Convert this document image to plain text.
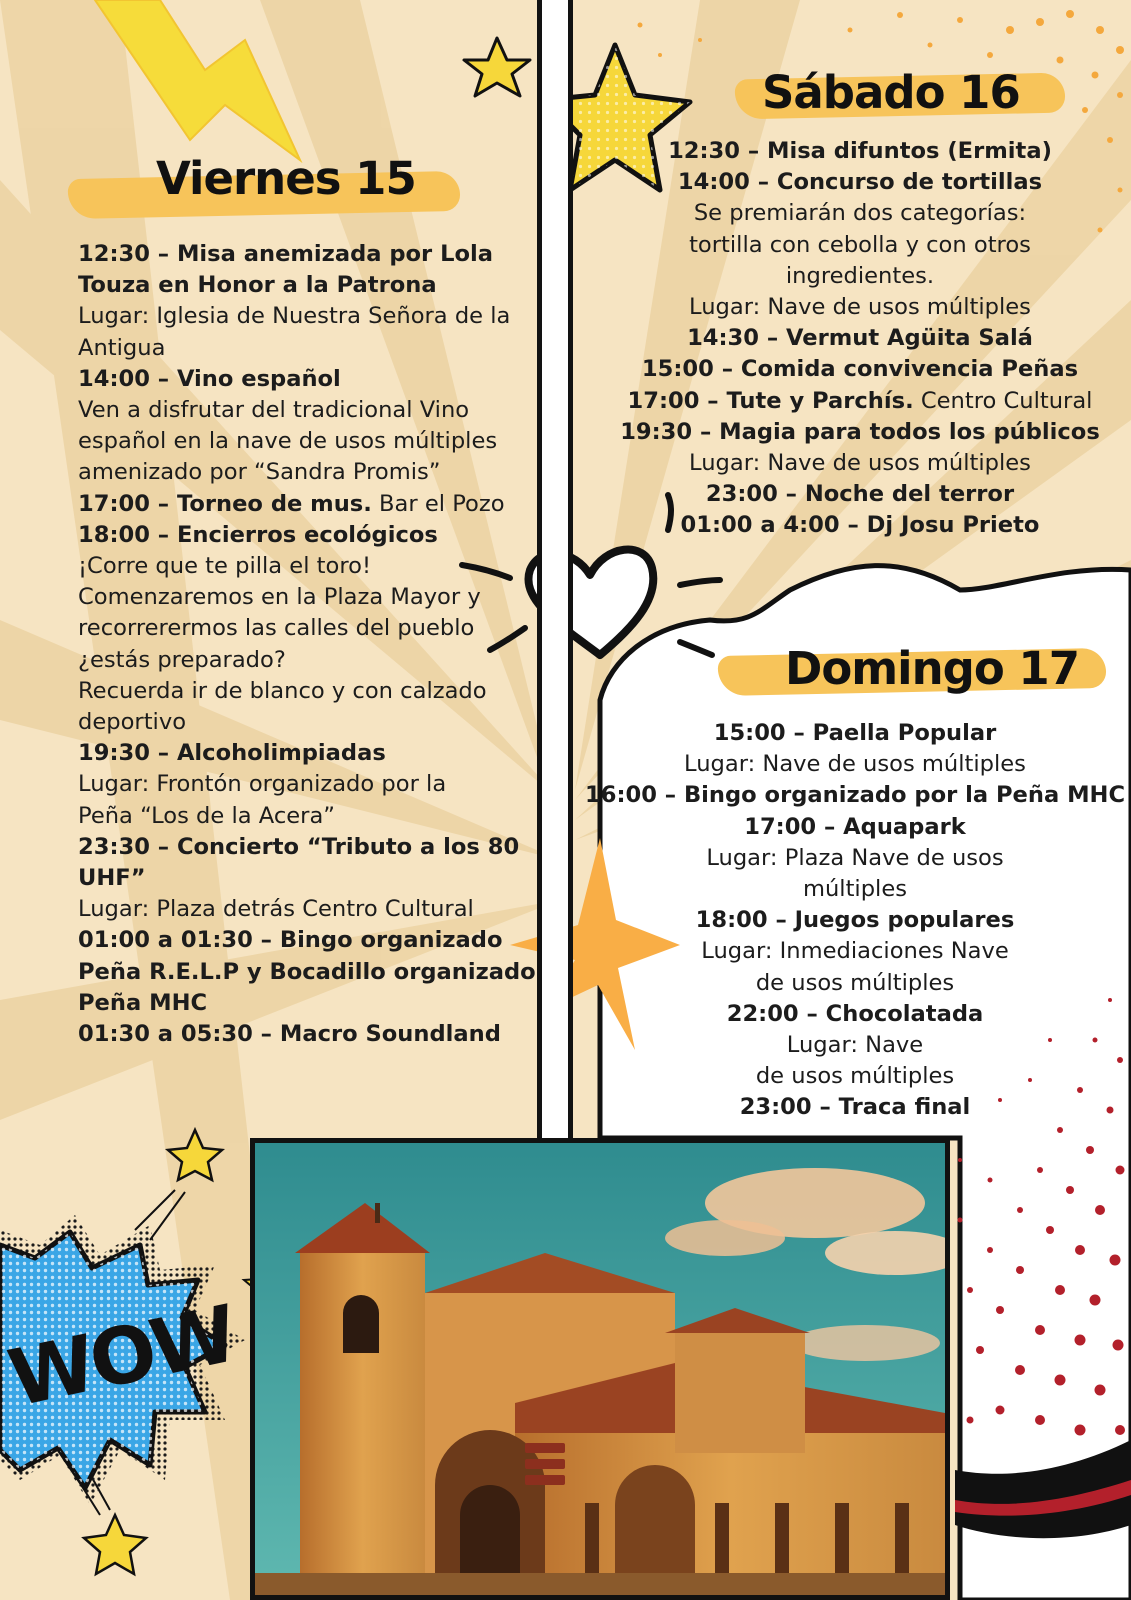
WOW
Viernes 15
12:30 – Misa anemizada por Lola
Touza en Honor a la Patrona
Lugar: Iglesia de Nuestra Señora de la
Antigua
14:00 – Vino español
Ven a disfrutar del tradicional Vino
español en la nave de usos múltiples
amenizado por “Sandra Promis”
17:00 – Torneo de mus. Bar el Pozo
18:00 – Encierros ecológicos
¡Corre que te pilla el toro!
Comenzaremos en la Plaza Mayor y
recorrerermos las calles del pueblo
¿estás preparado?
Recuerda ir de blanco y con calzado
deportivo
19:30 – Alcoholimpiadas
Lugar: Frontón organizado por la
Peña “Los de la Acera”
23:30 – Concierto “Tributo a los 80
UHF”
Lugar: Plaza detrás Centro Cultural
01:00 a 01:30 – Bingo organizado
Peña R.E.L.P y Bocadillo organizado
Peña MHC
01:30 a 05:30 – Macro Soundland
Sábado 16
12:30 – Misa difuntos (Ermita)
14:00 – Concurso de tortillas
Se premiarán dos categorías:
tortilla con cebolla y con otros
ingredientes.
Lugar: Nave de usos múltiples
14:30 – Vermut Agüita Salá
15:00 – Comida convivencia Peñas
17:00 – Tute y Parchís. Centro Cultural
19:30 – Magia para todos los públicos
Lugar: Nave de usos múltiples
23:00 – Noche del terror
01:00 a 4:00 – Dj Josu Prieto
Domingo 17
15:00 – Paella Popular
Lugar: Nave de usos múltiples
16:00 – Bingo organizado por la Peña MHC
17:00 – Aquapark
Lugar: Plaza Nave de usos
múltiples
18:00 – Juegos populares
Lugar: Inmediaciones Nave
de usos múltiples
22:00 – Chocolatada
Lugar: Nave
de usos múltiples
23:00 – Traca final
